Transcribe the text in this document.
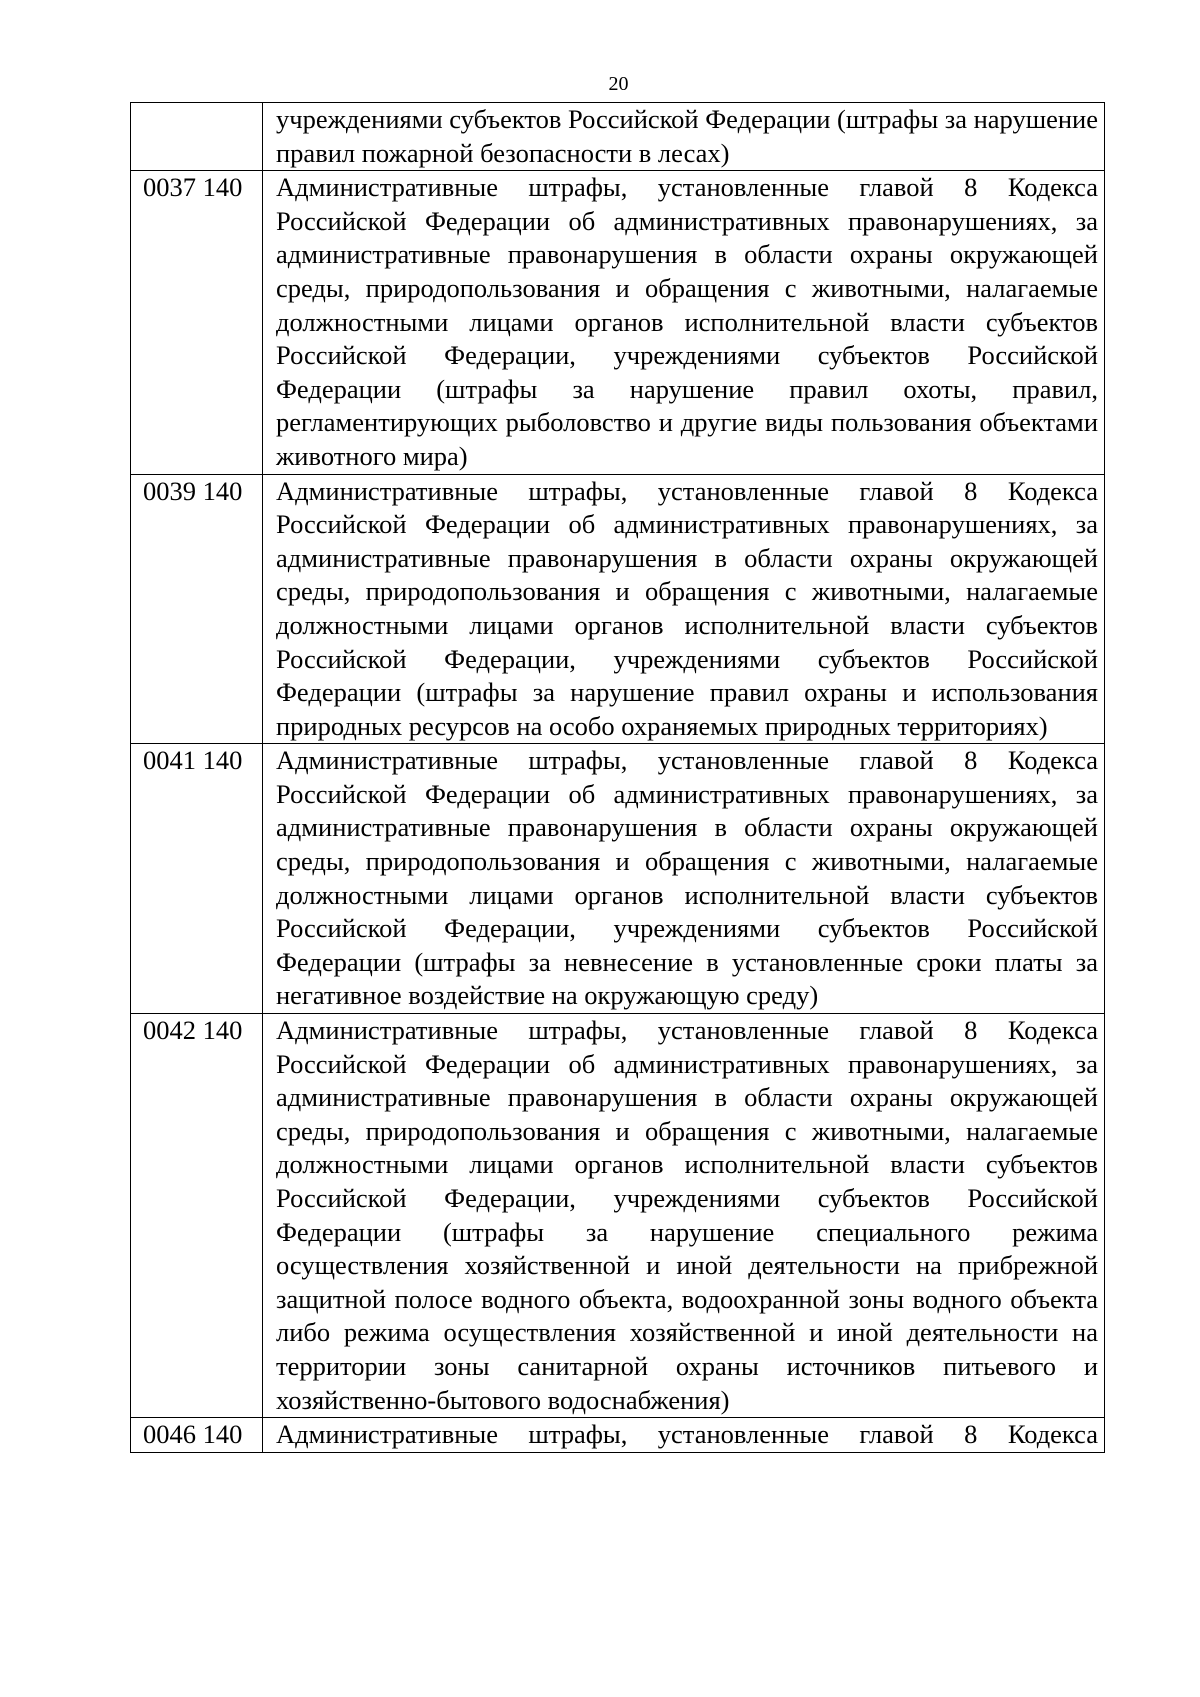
20
	учреждениями субъектов Российской Федерации (штрафы за нарушение правил пожарной безопасности в лесах)
0037 140	Административные штрафы, установленные главой 8 Кодекса Российской Федерации об административных правонарушениях, за административные правонарушения в области охраны окружающей среды, природопользования и обращения с животными, налагаемые должностными лицами органов исполнительной власти субъектов Российской Федерации, учреждениями субъектов Российской Федерации (штрафы за нарушение правил охоты, правил, регламентирующих рыболовство и другие виды пользования объектами животного мира)
0039 140	Административные штрафы, установленные главой 8 Кодекса Российской Федерации об административных правонарушениях, за административные правонарушения в области охраны окружающей среды, природопользования и обращения с животными, налагаемые должностными лицами органов исполнительной власти субъектов Российской Федерации, учреждениями субъектов Российской Федерации (штрафы за нарушение правил охраны и использования природных ресурсов на особо охраняемых природных территориях)
0041 140	Административные штрафы, установленные главой 8 Кодекса Российской Федерации об административных правонарушениях, за административные правонарушения в области охраны окружающей среды, природопользования и обращения с животными, налагаемые должностными лицами органов исполнительной власти субъектов Российской Федерации, учреждениями субъектов Российской Федерации (штрафы за невнесение в установленные сроки платы за негативное воздействие на окружающую среду)
0042 140	Административные штрафы, установленные главой 8 Кодекса Российской Федерации об административных правонарушениях, за административные правонарушения в области охраны окружающей среды, природопользования и обращения с животными, налагаемые должностными лицами органов исполнительной власти субъектов Российской Федерации, учреждениями субъектов Российской Федерации (штрафы за нарушение специального режима осуществления хозяйственной и иной деятельности на прибрежной защитной полосе водного объекта, водоохранной зоны водного объекта либо режима осуществления хозяйственной и иной деятельности на территории зоны санитарной охраны источников питьевого и хозяйственно-бытового водоснабжения)
0046 140	Административные штрафы, установленные главой 8 Кодекса
